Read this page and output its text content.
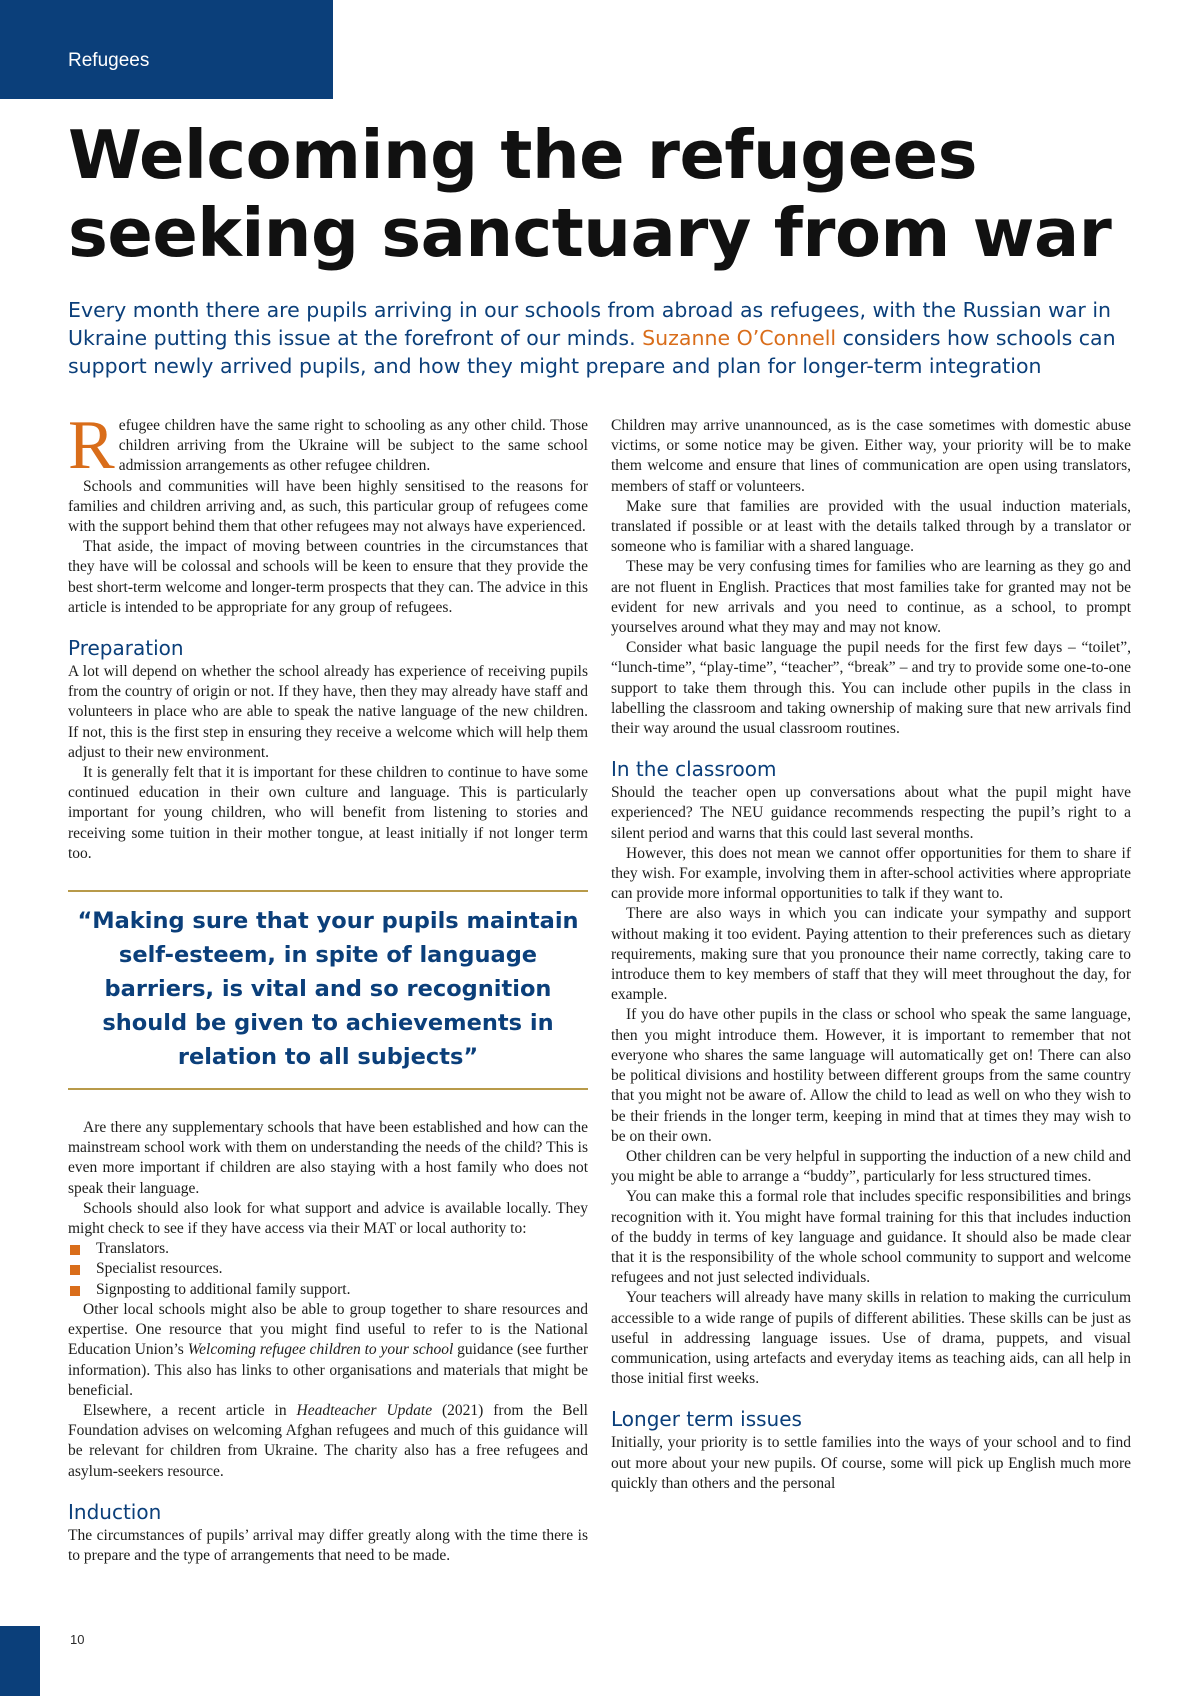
Refugees
Welcoming the refugees seeking sanctuary from war

Every month there are pupils arriving in our schools from abroad as refugees, with the Russian war in Ukraine putting this issue at the forefront of our minds. Suzanne O’Connell considers how schools can support newly arrived pupils, and how they might prepare and plan for longer-term integration

Refugee children have the same right to schooling as any other child. Those children arriving from the Ukraine will be subject to the same school admission arrangements as other refugee children.

Schools and communities will have been highly sensitised to the reasons for families and children arriving and, as such, this particular group of refugees come with the support behind them that other refugees may not always have experienced.

That aside, the impact of moving between countries in the circumstances that they have will be colossal and schools will be keen to ensure that they provide the best short-term welcome and longer-term prospects that they can. The advice in this article is intended to be appropriate for any group of refugees.

Preparation

A lot will depend on whether the school already has experience of receiving pupils from the country of origin or not. If they have, then they may already have staff and volunteers in place who are able to speak the native language of the new children. If not, this is the first step in ensuring they receive a welcome which will help them adjust to their new environment.

It is generally felt that it is important for these children to continue to have some continued education in their own culture and language. This is particularly important for young children, who will benefit from listening to stories and receiving some tuition in their mother tongue, at least initially if not longer term too.

“Making sure that your pupils maintain self-esteem, in spite of language barriers, is vital and so recognition should be given to achievements in relation to all subjects”

Are there any supplementary schools that have been established and how can the mainstream school work with them on understanding the needs of the child? This is even more important if children are also staying with a host family who does not speak their language.

Schools should also look for what support and advice is available locally. They might check to see if they have access via their MAT or local authority to:

Translators.
Specialist resources.
Signposting to additional family support.

Other local schools might also be able to group together to share resources and expertise. One resource that you might find useful to refer to is the National Education Union’s Welcoming refugee children to your school guidance (see further information). This also has links to other organisations and materials that might be beneficial.

Elsewhere, a recent article in Headteacher Update (2021) from the Bell Foundation advises on welcoming Afghan refugees and much of this guidance will be relevant for children from Ukraine. The charity also has a free refugees and asylum-seekers resource.

Induction

The circumstances of pupils’ arrival may differ greatly along with the time there is to prepare and the type of arrangements that need to be made.

Children may arrive unannounced, as is the case sometimes with domestic abuse victims, or some notice may be given. Either way, your priority will be to make them welcome and ensure that lines of communication are open using translators, members of staff or volunteers.

Make sure that families are provided with the usual induction materials, translated if possible or at least with the details talked through by a translator or someone who is familiar with a shared language.

These may be very confusing times for families who are learning as they go and are not fluent in English. Practices that most families take for granted may not be evident for new arrivals and you need to continue, as a school, to prompt yourselves around what they may and may not know.

Consider what basic language the pupil needs for the first few days – “toilet”, “lunch-time”, “play-time”, “teacher”, “break” – and try to provide some one-to-one support to take them through this. You can include other pupils in the class in labelling the classroom and taking ownership of making sure that new arrivals find their way around the usual classroom routines.

In the classroom

Should the teacher open up conversations about what the pupil might have experienced? The NEU guidance recommends respecting the pupil’s right to a silent period and warns that this could last several months.

However, this does not mean we cannot offer opportunities for them to share if they wish. For example, involving them in after-school activities where appropriate can provide more informal opportunities to talk if they want to.

There are also ways in which you can indicate your sympathy and support without making it too evident. Paying attention to their preferences such as dietary requirements, making sure that you pronounce their name correctly, taking care to introduce them to key members of staff that they will meet throughout the day, for example.

If you do have other pupils in the class or school who speak the same language, then you might introduce them. However, it is important to remember that not everyone who shares the same language will automatically get on! There can also be political divisions and hostility between different groups from the same country that you might not be aware of. Allow the child to lead as well on who they wish to be their friends in the longer term, keeping in mind that at times they may wish to be on their own.

Other children can be very helpful in supporting the induction of a new child and you might be able to arrange a “buddy”, particularly for less structured times.

You can make this a formal role that includes specific responsibilities and brings recognition with it. You might have formal training for this that includes induction of the buddy in terms of key language and guidance. It should also be made clear that it is the responsibility of the whole school community to support and welcome refugees and not just selected individuals.

Your teachers will already have many skills in relation to making the curriculum accessible to a wide range of pupils of different abilities. These skills can be just as useful in addressing language issues. Use of drama, puppets, and visual communication, using artefacts and everyday items as teaching aids, can all help in those initial first weeks.

Longer term issues

Initially, your priority is to settle families into the ways of your school and to find out more about your new pupils. Of course, some will pick up English much more quickly than others and the personal

10
